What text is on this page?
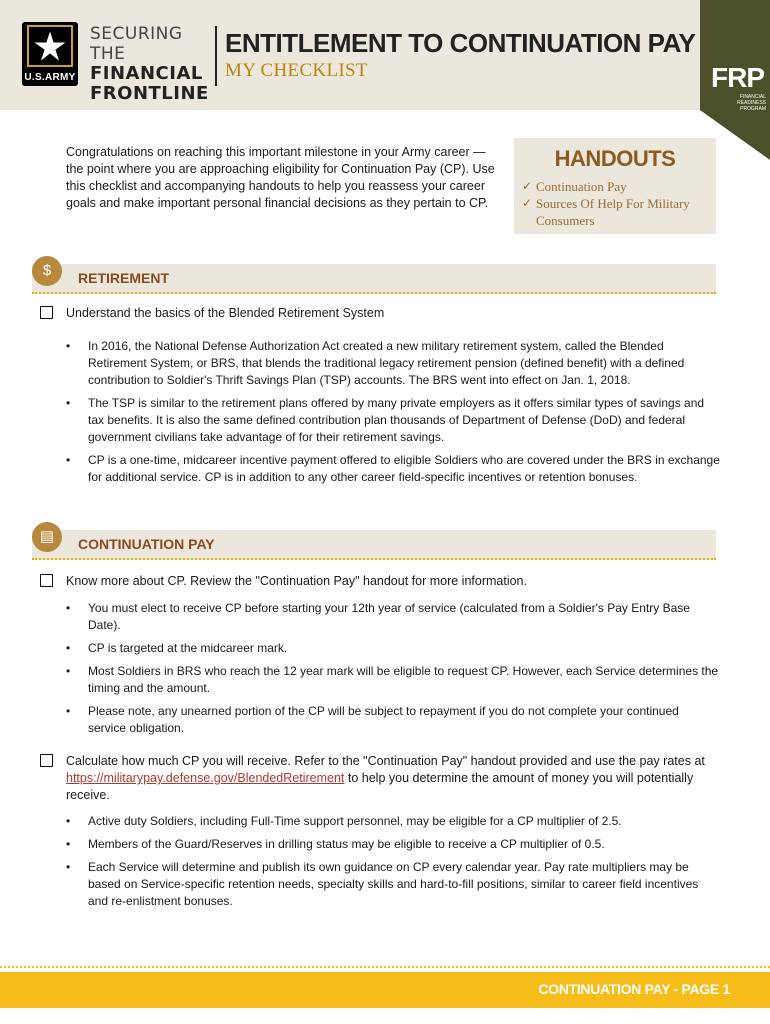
U.S.ARMY
SECURING THE
FINANCIAL
FRONTLINE
ENTITLEMENT TO CONTINUATION PAY
MY CHECKLIST	FRP
FINANCIAL READINESS PROGRAM
Congratulations on reaching this important milestone in your Army career — the point where you are approaching eligibility for Continuation Pay (CP). Use this checklist and accompanying handouts to help you reassess your career goals and make important personal financial decisions as they pertain to CP.
HANDOUTS
✓ Continuation Pay
✓ Sources Of Help For Military Consumers
$	RETIREMENT
Understand the basics of the Blended Retirement System
• In 2016, the National Defense Authorization Act created a new military retirement system, called the Blended Retirement System, or BRS, that blends the traditional legacy retirement pension (defined benefit) with a defined contribution to Soldier's Thrift Savings Plan (TSP) accounts. The BRS went into effect on Jan. 1, 2018.
• The TSP is similar to the retirement plans offered by many private employers as it offers similar types of savings and tax benefits. It is also the same defined contribution plan thousands of Department of Defense (DoD) and federal government civilians take advantage of for their retirement savings.
• CP is a one-time, midcareer incentive payment offered to eligible Soldiers who are covered under the BRS in exchange for additional service. CP is in addition to any other career field-specific incentives or retention bonuses.
▤	CONTINUATION PAY
Know more about CP. Review the "Continuation Pay" handout for more information.
• You must elect to receive CP before starting your 12th year of service (calculated from a Soldier's Pay Entry Base Date).
• CP is targeted at the midcareer mark.
• Most Soldiers in BRS who reach the 12 year mark will be eligible to request CP. However, each Service determines the timing and the amount.
• Please note, any unearned portion of the CP will be subject to repayment if you do not complete your continued service obligation.
Calculate how much CP you will receive. Refer to the "Continuation Pay" handout provided and use the pay rates at https://militarypay.defense.gov/BlendedRetirement to help you determine the amount of money you will potentially receive.
• Active duty Soldiers, including Full-Time support personnel, may be eligible for a CP multiplier of 2.5.
• Members of the Guard/Reserves in drilling status may be eligible to receive a CP multiplier of 0.5.
• Each Service will determine and publish its own guidance on CP every calendar year. Pay rate multipliers may be based on Service-specific retention needs, specialty skills and hard-to-fill positions, similar to career field incentives and re-enlistment bonuses.
CONTINUATION PAY - PAGE 1
